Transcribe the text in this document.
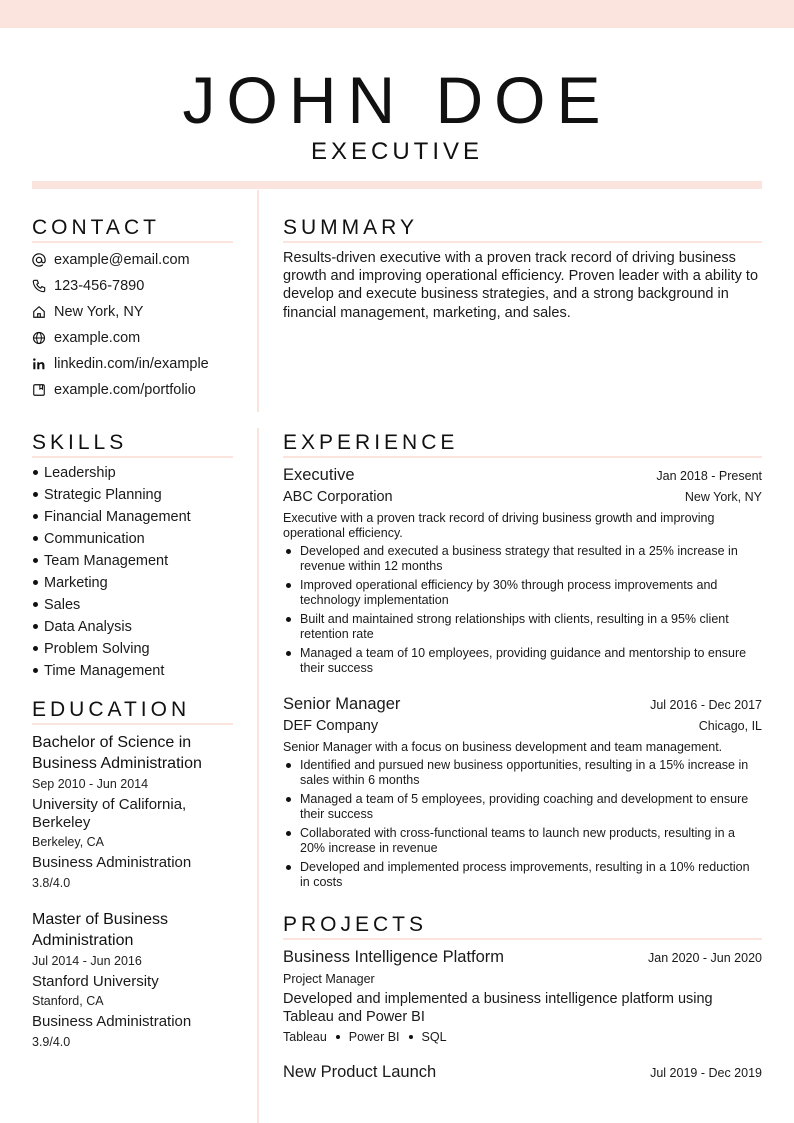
JOHN DOE
EXECUTIVE
CONTACT
example@email.com
123-456-7890
New York, NY
example.com
linkedin.com/in/example
example.com/portfolio
SKILLS
Leadership
Strategic Planning
Financial Management
Communication
Team Management
Marketing
Sales
Data Analysis
Problem Solving
Time Management
EDUCATION
Bachelor of Science in Business Administration
Sep 2010 - Jun 2014
University of California, Berkeley
Berkeley, CA
Business Administration
3.8/4.0
Master of Business Administration
Jul 2014 - Jun 2016
Stanford University
Stanford, CA
Business Administration
3.9/4.0
SUMMARY
Results-driven executive with a proven track record of driving business growth and improving operational efficiency. Proven leader with a ability to develop and execute business strategies, and a strong background in financial management, marketing, and sales.
EXPERIENCE
Executive	Jan 2018 - Present
ABC Corporation	New York, NY
Executive with a proven track record of driving business growth and improving operational efficiency.
Developed and executed a business strategy that resulted in a 25% increase in revenue within 12 months
Improved operational efficiency by 30% through process improvements and technology implementation
Built and maintained strong relationships with clients, resulting in a 95% client retention rate
Managed a team of 10 employees, providing guidance and mentorship to ensure their success
Senior Manager	Jul 2016 - Dec 2017
DEF Company	Chicago, IL
Senior Manager with a focus on business development and team management.
Identified and pursued new business opportunities, resulting in a 15% increase in sales within 6 months
Managed a team of 5 employees, providing coaching and development to ensure their success
Collaborated with cross-functional teams to launch new products, resulting in a 20% increase in revenue
Developed and implemented process improvements, resulting in a 10% reduction in costs
PROJECTS
Business Intelligence Platform	Jan 2020 - Jun 2020
Project Manager
Developed and implemented a business intelligence platform using Tableau and Power BI
Tableau Power BI SQL
New Product Launch	Jul 2019 - Dec 2019
